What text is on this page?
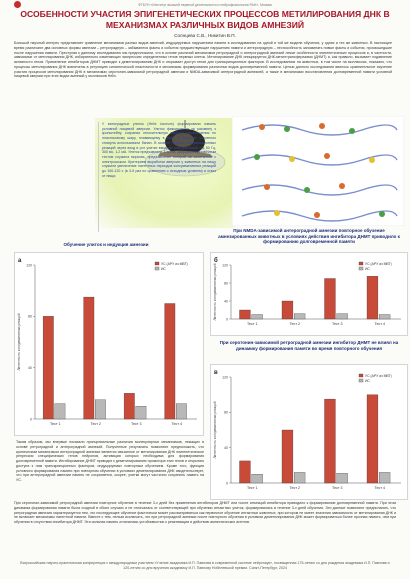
ФГБУН «Институт высшей нервной деятельности и нейрофизиологии РАН», Москва
ОСОБЕННОСТИ УЧАСТИЯ ЭПИГЕНЕТИЧЕСКИХ ПРОЦЕССОВ МЕТИЛИРОВАНИЯ ДНК В МЕХАНИЗМАХ РАЗЛИЧНЫХ ВИДОВ АМНЕЗИЙ
Солнцева С.В., Никитин В.П.
Большой научный интерес представляет сравнение механизмов разных видов амнезий, индуцируемых нарушением памяти в исследованиях на одной и той же модели обучения, у одних и тех же животных. В настоящее время различают два основных формы амнезии – ретроградную – забываются факты и события предшествующие нарушению памяти и антероградную – неспособность запоминать новые факты и события, произошедшие после нарушения памяти. Преступая к данному исследованию мы предположили, что в основе различий механизмов ретроградной и антероградной амнезий лежат особенности эпигенетических процессов и, в частности, зависимые от метилирования ДНК, избирательно изменяющих экспрессию определенных генов нервных клеток. Метилирование ДНК инициируется ДНК-метилтрансферазами (ДНМТ) и, как правило, вызывает подавление активности генов. Применение ингибиторов ДНМТ приводит к деметилированию ДНК и открывает доступ генов для транскрипционных факторов. В исследованиях на животных, в том числе на моллюсках, показано, что процессы метилирования ДНК вовлечены в регуляцию синаптической пластичности и механизмы формирования различных видов долговременной памяти. Целью данного исследования явилось сравнительное изучение участия процессов метилирования ДНК в механизмах серотонин-зависимой ретроградной амнезии и NMDA-зависимой антероградной амнезией, а также в механизмах восстановления долговременной памяти условной пищевой аверсии при этих видах амнезий у моллюсков Helix.
У виноградных улиток (Helix lucorum) формировали память условной пищевой аверсии. Улиток фиксировали за раковину к кронштейну, сохраняя относительную свободу перемещения по пластиковому шару, плавающему в воде. В качестве условного стимула использовали банан. В момент первых консуммационных реакций через вход в рот улитке вводили электрический ток 50 Гц, 300 мс, 1,2 мА. Улиток предъявляли 3 теста. Дифференцировочным тестом служила морковь, предъявление которой не сочеталось с электрошоком. Критерием выработки аверсии у животных на пищу служили увеличение латентных периодов консуммативных реакций до 100-120 с (в 3-5 раз по сравнению с исходным уровнем) и отказ от пищи.
Обучение улиток и индукция амнезии
а
0
40
80
120
Тест 1	Тест 2	Тест 3	Тест 4
УС (АРУ из МВТ)
ИС
Латентность консуммативных реакций
При NMDA-зависимой антероградной амнезии повторное обучение амнезированных животных в условиях действия ингибитора ДНМТ приводило к формированию долговременной памяти
б
0
40
80
120
Тест 1	Тест 2	Тест 3	Тест 4
УС (АРУ из МВТ)
ИС
Латентность консуммативных реакций
При серотонин-зависимой ретроградной амнезии ингибитор ДНМТ не влиял на динамику формирования памяти во время повторного обучения
в
0
40
80
120
Тест 1	Тест 2	Тест 3	Тест 4
УС (АРУ из МВТ)
ИС
Латентность консуммативных реакций
Таким образом, мы впервые показали принципиальные различия молекулярных механизмов, лежащих в основе ретроградной и антероградной амнезий. Полученные результаты позволяют предположить, что критическим механизмом антероградной амнезии является связанное от метилирования ДНК эпигенетическое репрессия специфических генов нейронов, активация которых необходима для формирования долговременной памяти. Ингибирование ДНМТ приводит к деметилированию промотора этих генов и открытию доступа к ним транскрипционных факторов, индуцируемых повторным обучением. Кроме того, функция условного формирования памяти при повторном обучении в условиях деметилирования ДНК свидетельствует, что при антероградной амнезии память не сохраняется, скорее, улитки могут частично сохранить память на УС.
При серотонин-зависимой ретроградной амнезии повторное обучение в течение 3-х дней без применения ингибиторов ДНМТ или после инъекций ингибитора приводило к формированию долговременной памяти. При этом динамика формирования памяти была сходной в обоих случаях и не отличалась от соответствующей при обучении интактных улиток, формировалась в течение 3-х дней обучения. Эти данные позволяют предполагать, что ретроградная амнезия характеризуется тем, что последующее обучение фактически может рассматриваться как первичное обучение интактных животных, при котором не имеет значения зависимость от метилирования ДНК и не включает механизмы латентной памяти. Вместе с тем, нельзя исключать, что при ретроградной амнезии после повторного обучения в условиях деметилирования ДНК может формироваться более прочная память, чем при обучении в отсутствии ингибитора ДНМТ. Эта сильная память отличалась устойчивостью к реактивации и действию амнестических агентов.
Всероссийская научно-практическая конференция с международным участием «Учение академика И.П. Павлова в современной системе нейронаук», посвященная 175-летию со дня рождения академика И.П. Павлова и 120-летию со дня вручения академику И.П. Павлову Нобелевской премии. Санкт-Петербург, 2024
